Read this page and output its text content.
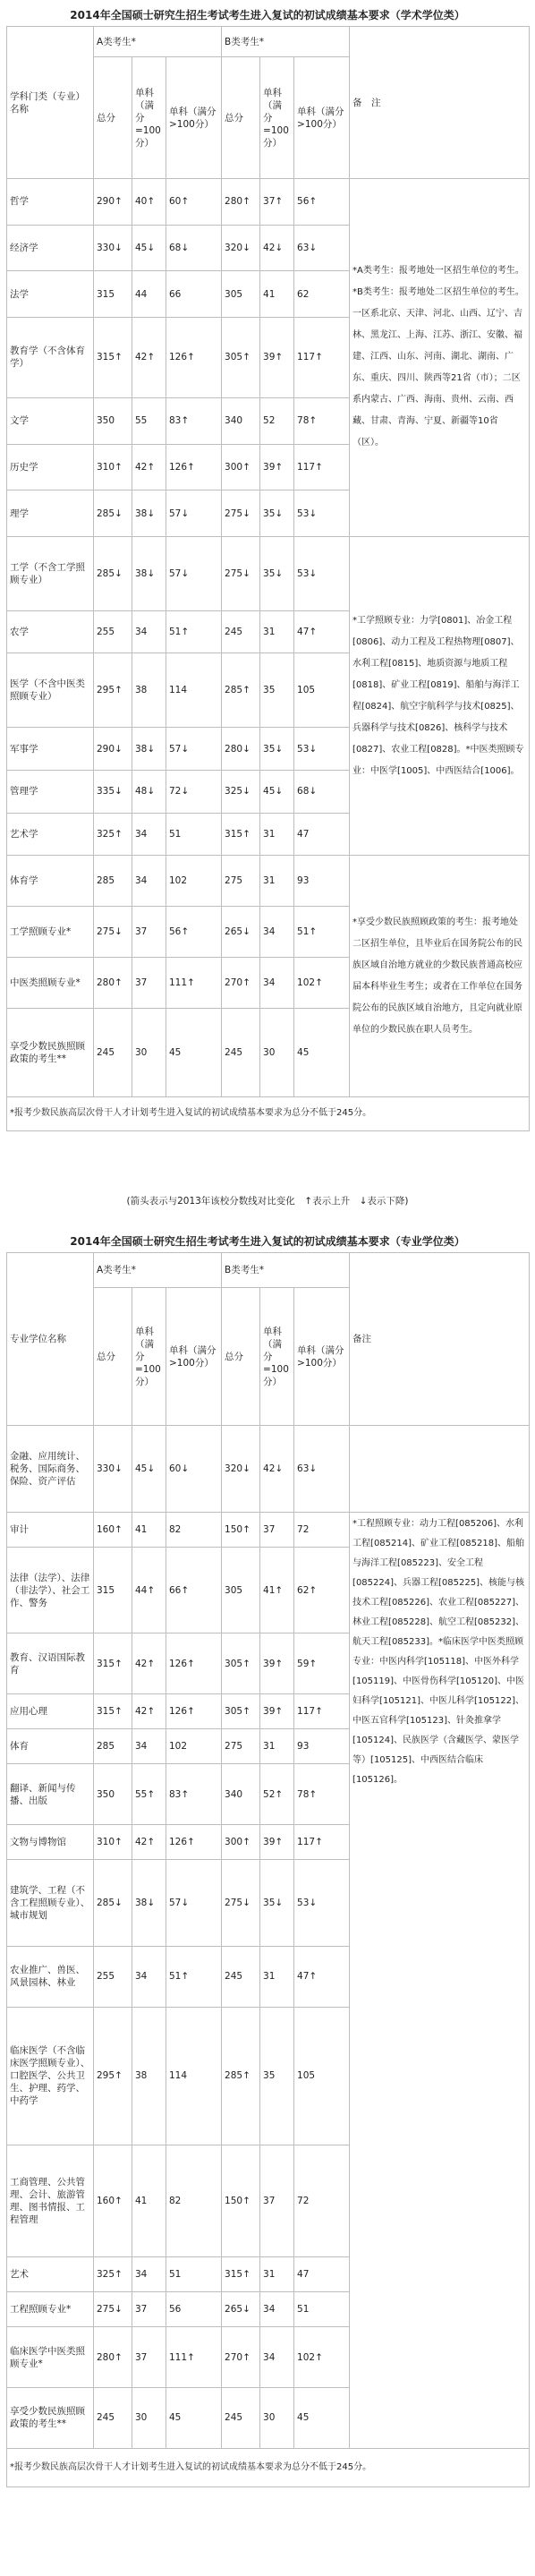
2014年全国硕士研究生招生考试考生进入复试的初试成绩基本要求（学术学位类）
学科门类（专业）名称	A类考生*			B类考生*			备　注
	总分	单科（满分=100分）	单科（满分>100分）	总分	单科（满分=100分）	单科（满分>100分）	
哲学	290↑	40↑	60↑	280↑	37↑	56↑	*A类考生：报考地处一区招生单位的考生。*B类考生：报考地处二区招生单位的考生。一区系北京、天津、河北、山西、辽宁、吉林、黑龙江、上海、江苏、浙江、安徽、福建、江西、山东、河南、湖北、湖南、广东、重庆、四川、陕西等21省（市）；二区系内蒙古、广西、海南、贵州、云南、西藏、甘肃、青海、宁夏、新疆等10省（区）。
经济学	330↓	45↓	68↓	320↓	42↓	63↓	
法学	315	44	66	305	41	62	
教育学（不含体育学）	315↑	42↑	126↑	305↑	39↑	117↑	
文学	350	55	83↑	340	52	78↑	
历史学	310↑	42↑	126↑	300↑	39↑	117↑	
理学	285↓	38↓	57↓	275↓	35↓	53↓	
工学（不含工学照顾专业）	285↓	38↓	57↓	275↓	35↓	53↓	*工学照顾专业：力学[0801]、冶金工程[0806]、动力工程及工程热物理[0807]、水利工程[0815]、地质资源与地质工程[0818]、矿业工程[0819]、船舶与海洋工程[0824]、航空宇航科学与技术[0825]、兵器科学与技术[0826]、核科学与技术[0827]、农业工程[0828]。*中医类照顾专业：中医学[1005]、中西医结合[1006]。
农学	255	34	51↑	245	31	47↑	
医学（不含中医类照顾专业）	295↑	38	114	285↑	35	105	
军事学	290↓	38↓	57↓	280↓	35↓	53↓	
管理学	335↓	48↓	72↓	325↓	45↓	68↓	
艺术学	325↑	34	51	315↑	31	47	
体育学	285	34	102	275	31	93	*享受少数民族照顾政策的考生：报考地处二区招生单位，且毕业后在国务院公布的民族区域自治地方就业的少数民族普通高校应届本科毕业生考生；或者在工作单位在国务院公布的民族区域自治地方，且定向就业原单位的少数民族在职人员考生。
工学照顾专业*	275↓	37	56↑	265↓	34	51↑	
中医类照顾专业*	280↑	37	111↑	270↑	34	102↑	
享受少数民族照顾政策的考生**	245	30	45	245	30	45	
*报考少数民族高层次骨干人才计划考生进入复试的初试成绩基本要求为总分不低于245分。							
(箭头表示与2013年该校分数线对比变化　↑表示上升　↓表示下降)
2014年全国硕士研究生招生考试考生进入复试的初试成绩基本要求（专业学位类）
专业学位名称	A类考生*			B类考生*			备注
	总分	单科（满分=100分）	单科（满分>100分）	总分	单科（满分=100分）	单科（满分>100分）	
金融、应用统计、税务、国际商务、保险、资产评估	330↓	45↓	60↓	320↓	42↓	63↓	
审计	160↑	41	82	150↑	37	72	*工程照顾专业：动力工程[085206]、水利工程[085214]、矿业工程[085218]、船舶与海洋工程[085223]、安全工程[085224]、兵器工程[085225]、核能与核技术工程[085226]、农业工程[085227]、林业工程[085228]、航空工程[085232]、航天工程[085233]。*临床医学中医类照顾专业：中医内科学[105118]、中医外科学[105119]、中医骨伤科学[105120]、中医妇科学[105121]、中医儿科学[105122]、中医五官科学[105123]、针灸推拿学[105124]、民族医学（含藏医学、蒙医学等）[105125]、中西医结合临床[105126]。
法律（法学）、法律（非法学）、社会工作、警务	315	44↑	66↑	305	41↑	62↑	
教育、汉语国际教育	315↑	42↑	126↑	305↑	39↑	59↑	
应用心理	315↑	42↑	126↑	305↑	39↑	117↑	
体育	285	34	102	275	31	93	
翻译、新闻与传播、出版	350	55↑	83↑	340	52↑	78↑	
文物与博物馆	310↑	42↑	126↑	300↑	39↑	117↑	
建筑学、工程（不含工程照顾专业）、城市规划	285↓	38↓	57↓	275↓	35↓	53↓	
农业推广、兽医、风景园林、林业	255	34	51↑	245	31	47↑	
临床医学（不含临床医学照顾专业）、口腔医学、公共卫生、护理、药学、中药学	295↑	38	114	285↑	35	105	
工商管理、公共管理、会计、旅游管理、图书情报、工程管理	160↑	41	82	150↑	37	72	
艺术	325↑	34	51	315↑	31	47	
工程照顾专业*	275↓	37	56	265↓	34	51	
临床医学中医类照顾专业*	280↑	37	111↑	270↑	34	102↑	
享受少数民族照顾政策的考生**	245	30	45	245	30	45	
*报考少数民族高层次骨干人才计划考生进入复试的初试成绩基本要求为总分不低于245分。							
